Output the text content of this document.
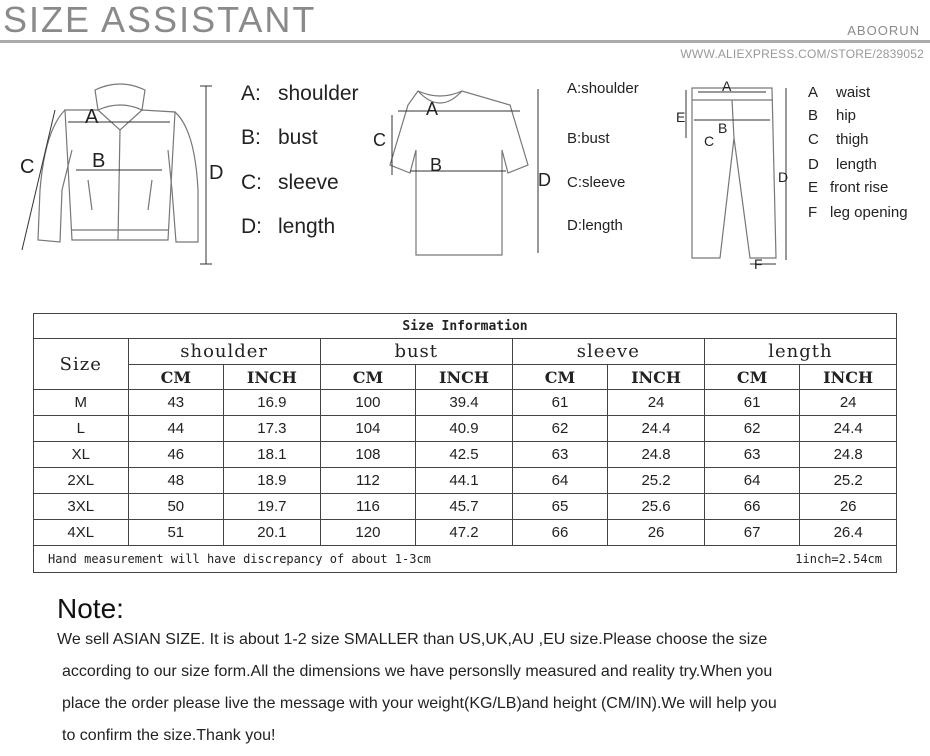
SIZE ASSISTANT	ABOORUN
WWW.ALIEXPRESS.COM/STORE/2839052
A
B
C	D
A: shoulder
B: bust
C: sleeve
D: length
A
B
C
D
A:shoulder
B:bust
C:sleeve
D:length
A
B
C
D
E
F
A waist
B hip
C thigh
D length
E front rise
F leg opening
Size Information								
Size	shoulder		bust		sleeve		length	
	CM	INCH	CM	INCH	CM	INCH	CM	INCH
M	43	16.9	100	39.4	61	24	61	24
L	44	17.3	104	40.9	62	24.4	62	24.4
XL	46	18.1	108	42.5	63	24.8	63	24.8
2XL	48	18.9	112	44.1	64	25.2	64	25.2
3XL	50	19.7	116	45.7	65	25.6	66	26
4XL	51	20.1	120	47.2	66	26	67	26.4

Hand measurement will have discrepancy of about 1-3cm 1inch=2.54cm								
Note:

We sell ASIAN SIZE. It is about 1-2 size SMALLER than US,UK,AU ,EU size.Please choose the size

according to our size form.All the dimensions we have personslly measured and reality try.When you

place the order please live the message with your weight(KG/LB)and height (CM/IN).We will help you

to confirm the size.Thank you!
